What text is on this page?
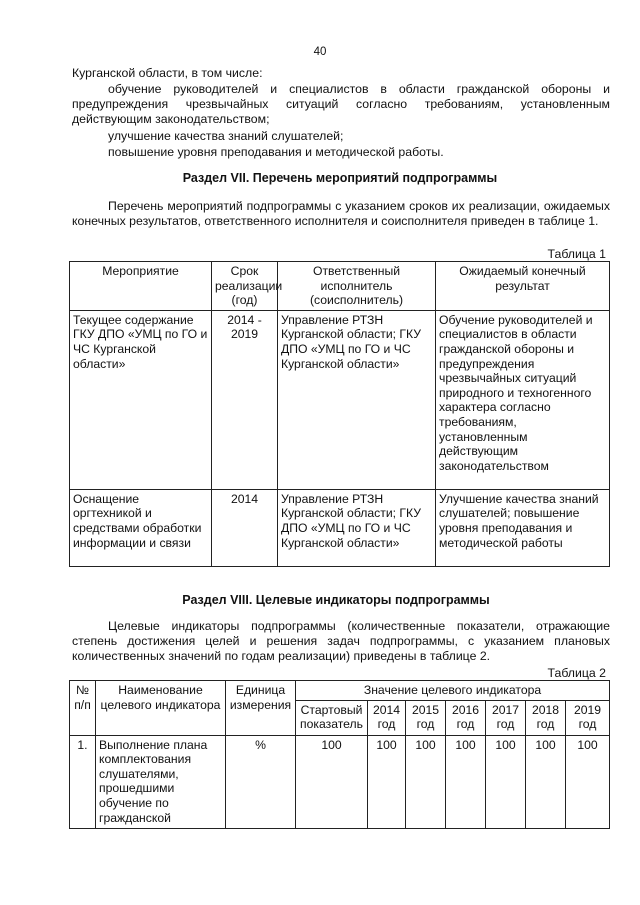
40
Курганской области, в том числе:
обучение руководителей и специалистов в области гражданской обороны и предупреждения чрезвычайных ситуаций согласно требованиям, установленным действующим законодательством;
улучшение качества знаний слушателей;
повышение уровня преподавания и методической работы.
Раздел VII. Перечень мероприятий подпрограммы
Перечень мероприятий подпрограммы с указанием сроков их реализации, ожидаемых конечных результатов, ответственного исполнителя и соисполнителя приведен в таблице 1.
Таблица 1
Мероприятие	Срок реализации (год)	Ответственный исполнитель (соисполнитель)	Ожидаемый конечный результат
Текущее содержание ГКУ ДПО «УМЦ по ГО и ЧС Курганской области»	2014 - 2019	Управление РТЗН Курганской области; ГКУ ДПО «УМЦ по ГО и ЧС Курганской области»	Обучение руководителей и специалистов в области гражданской обороны и предупреждения чрезвычайных ситуаций природного и техногенного характера согласно требованиям, установленным действующим законодательством
Оснащение оргтехникой и средствами обработки информации и связи	2014	Управление РТЗН Курганской области; ГКУ ДПО «УМЦ по ГО и ЧС Курганской области»	Улучшение качества знаний слушателей; повышение уровня преподавания и методической работы
Раздел VIII. Целевые индикаторы подпрограммы
Целевые индикаторы подпрограммы (количественные показатели, отражающие степень достижения целей и решения задач подпрограммы, с указанием плановых количественных значений по годам реализации) приведены в таблице 2.
Таблица 2
№ п/п	Наименование целевого индикатора	Единица измерения	Значение целевого индикатора						
			Стартовый показатель	2014 год	2015 год	2016 год	2017 год	2018 год	2019 год
1.	Выполнение плана комплектования слушателями, прошедшими обучение по гражданской	%	100	100	100	100	100	100	100
